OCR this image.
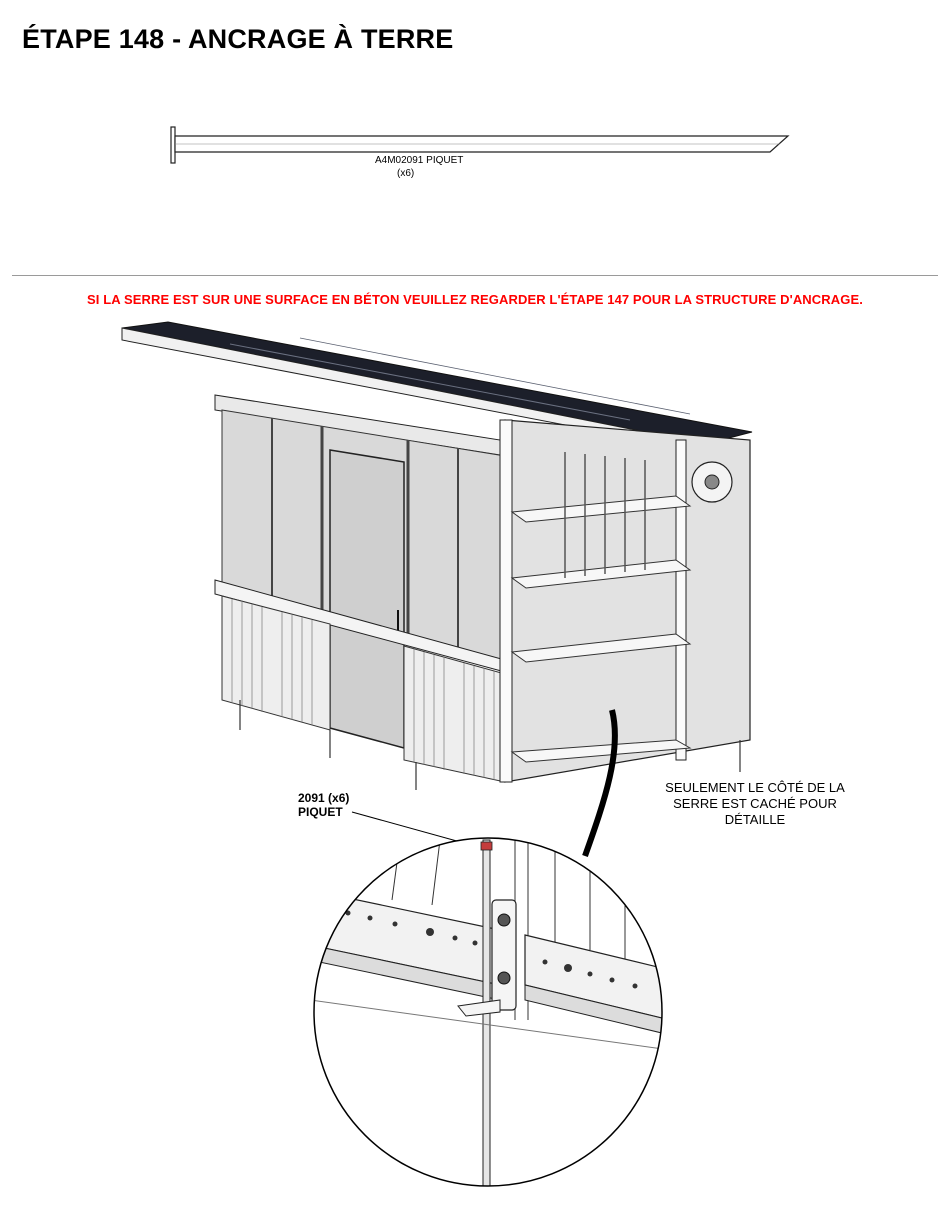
ÉTAPE 148 - ANCRAGE À TERRE
A4M02091 PIQUET
(x6)
SI LA SERRE EST SUR UNE SURFACE EN BÉTON VEUILLEZ REGARDER L'ÉTAPE 147 POUR LA STRUCTURE D'ANCRAGE.
2091 (x6)
PIQUET
SEULEMENT LE CÔTÉ DE LA
SERRE EST CACHÉ POUR
DÉTAILLE
